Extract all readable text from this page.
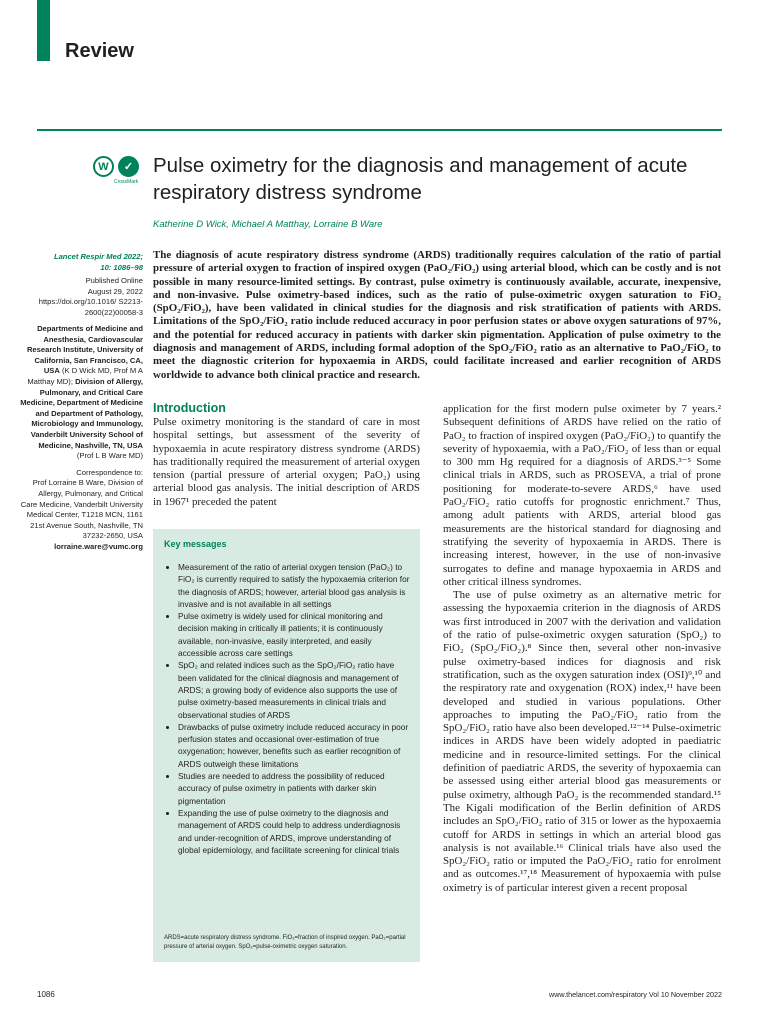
Review
W	✓
CrossMark
Pulse oximetry for the diagnosis and management of acute respiratory distress syndrome
Katherine D Wick, Michael A Matthay, Lorraine B Ware

Lancet Respir Med 2022;

10: 1086–98

Published Online

August 29, 2022

https://doi.org/10.1016/ S2213-2600(22)00058-3

Departments of Medicine and Anesthesia, Cardiovascular Research Institute, University of California, San Francisco, CA, USA (K D Wick MD, Prof M A Matthay MD); Division of Allergy, Pulmonary, and Critical Care Medicine, Department of Medicine and Department of Pathology, Microbiology and Immunology, Vanderbilt University School of Medicine, Nashville, TN, USA (Prof L B Ware MD)

Correspondence to:

Prof Lorraine B Ware, Division of Allergy, Pulmonary, and Critical Care Medicine, Vanderbilt University Medical Center, T1218 MCN, 1161 21st Avenue South, Nashville, TN 37232-2650, USA

lorraine.ware@vumc.org

The diagnosis of acute respiratory distress syndrome (ARDS) traditionally requires calculation of the ratio of partial pressure of arterial oxygen to fraction of inspired oxygen (PaO₂/FiO₂) using arterial blood, which can be costly and is not possible in many resource-limited settings. By contrast, pulse oximetry is continuously available, accurate, inexpensive, and non-invasive. Pulse oximetry-based indices, such as the ratio of pulse-oximetric oxygen saturation to FiO₂ (SpO₂/FiO₂), have been validated in clinical studies for the diagnosis and risk stratification of patients with ARDS. Limitations of the SpO₂/FiO₂ ratio include reduced accuracy in poor perfusion states or above oxygen saturations of 97%, and the potential for reduced accuracy in patients with darker skin pigmentation. Application of pulse oximetry to the diagnosis and management of ARDS, including formal adoption of the SpO₂/FiO₂ ratio as an alternative to PaO₂/FiO₂ to meet the diagnostic criterion for hypoxaemia in ARDS, could facilitate increased and earlier recognition of ARDS worldwide to advance both clinical practice and research.

Introduction

Pulse oximetry monitoring is the standard of care in most hospital settings, but assessment of the severity of hypoxaemia in acute respiratory distress syndrome (ARDS) has traditionally required the measurement of arterial oxygen tension (partial pressure of arterial oxygen; PaO₂) using arterial blood gas analysis. The initial description of ARDS in 1967¹ preceded the patent

Key messages
• Measurement of the ratio of arterial oxygen tension (PaO₂) to FiO₂ is currently required to satisfy the hypoxaemia criterion for the diagnosis of ARDS; however, arterial blood gas analysis is invasive and is not available in all settings
• Pulse oximetry is widely used for clinical monitoring and decision making in critically ill patients; it is continuously available, non-invasive, easily interpreted, and easily accessible across care settings
• SpO₂ and related indices such as the SpO₂/FiO₂ ratio have been validated for the clinical diagnosis and management of ARDS; a growing body of evidence also supports the use of pulse oximetry-based measurements in clinical trials and observational studies of ARDS
• Drawbacks of pulse oximetry include reduced accuracy in poor perfusion states and occasional over-estimation of true oxygenation; however, benefits such as earlier recognition of ARDS outweigh these limitations
• Studies are needed to address the possibility of reduced accuracy of pulse oximetry in patients with darker skin pigmentation
• Expanding the use of pulse oximetry to the diagnosis and management of ARDS could help to address underdiagnosis and under-recognition of ARDS, improve understanding of global epidemiology, and facilitate screening for clinical trials
ARDS=acute respiratory distress syndrome. FiO₂=fraction of inspired oxygen. PaO₂=partial pressure of arterial oxygen. SpO₂=pulse-oximetric oxygen saturation.

application for the first modern pulse oximeter by 7 years.² Subsequent definitions of ARDS have relied on the ratio of PaO₂ to fraction of inspired oxygen (PaO₂/FiO₂) to quantify the severity of hypoxaemia, with a PaO₂/FiO₂ of less than or equal to 300 mm Hg required for a diagnosis of ARDS.³⁻⁵ Some clinical trials in ARDS, such as PROSEVA, a trial of prone positioning for moderate-to-severe ARDS,⁶ have used PaO₂/FiO₂ ratio cutoffs for prognostic enrichment.⁷ Thus, among adult patients with ARDS, arterial blood gas measurements are the historical standard for diagnosing and stratifying the severity of hypoxaemia in ARDS. There is increasing interest, however, in the use of non-invasive surrogates to define and manage hypoxaemia in ARDS and other critical illness syndromes.

The use of pulse oximetry as an alternative metric for assessing the hypoxaemia criterion in the diagnosis of ARDS was first introduced in 2007 with the derivation and validation of the ratio of pulse-oximetric oxygen saturation (SpO₂) to FiO₂ (SpO₂/FiO₂).⁸ Since then, several other non-invasive pulse oximetry-based indices for diagnosis and risk stratification, such as the oxygen saturation index (OSI)⁹,¹⁰ and the respiratory rate and oxygenation (ROX) index,¹¹ have been developed and studied in various populations. Other approaches to imputing the PaO₂/FiO₂ ratio from the SpO₂/FiO₂ ratio have also been developed.¹²⁻¹⁴ Pulse-oximetric indices in ARDS have been widely adopted in paediatric medicine and in resource-limited settings. For the clinical definition of paediatric ARDS, the severity of hypoxaemia can be assessed using either arterial blood gas measurements or pulse oximetry, although PaO₂ is the recommended standard.¹⁵ The Kigali modification of the Berlin definition of ARDS includes an SpO₂/FiO₂ ratio of 315 or lower as the hypoxaemia cutoff for ARDS in settings in which an arterial blood gas analysis is not available.¹⁶ Clinical trials have also used the SpO₂/FiO₂ ratio or imputed the PaO₂/FiO₂ ratio for enrolment and as outcomes.¹⁷,¹⁸ Measurement of hypoxaemia with pulse oximetry is of particular interest given a recent proposal

1086	www.thelancet.com/respiratory Vol 10 November 2022
